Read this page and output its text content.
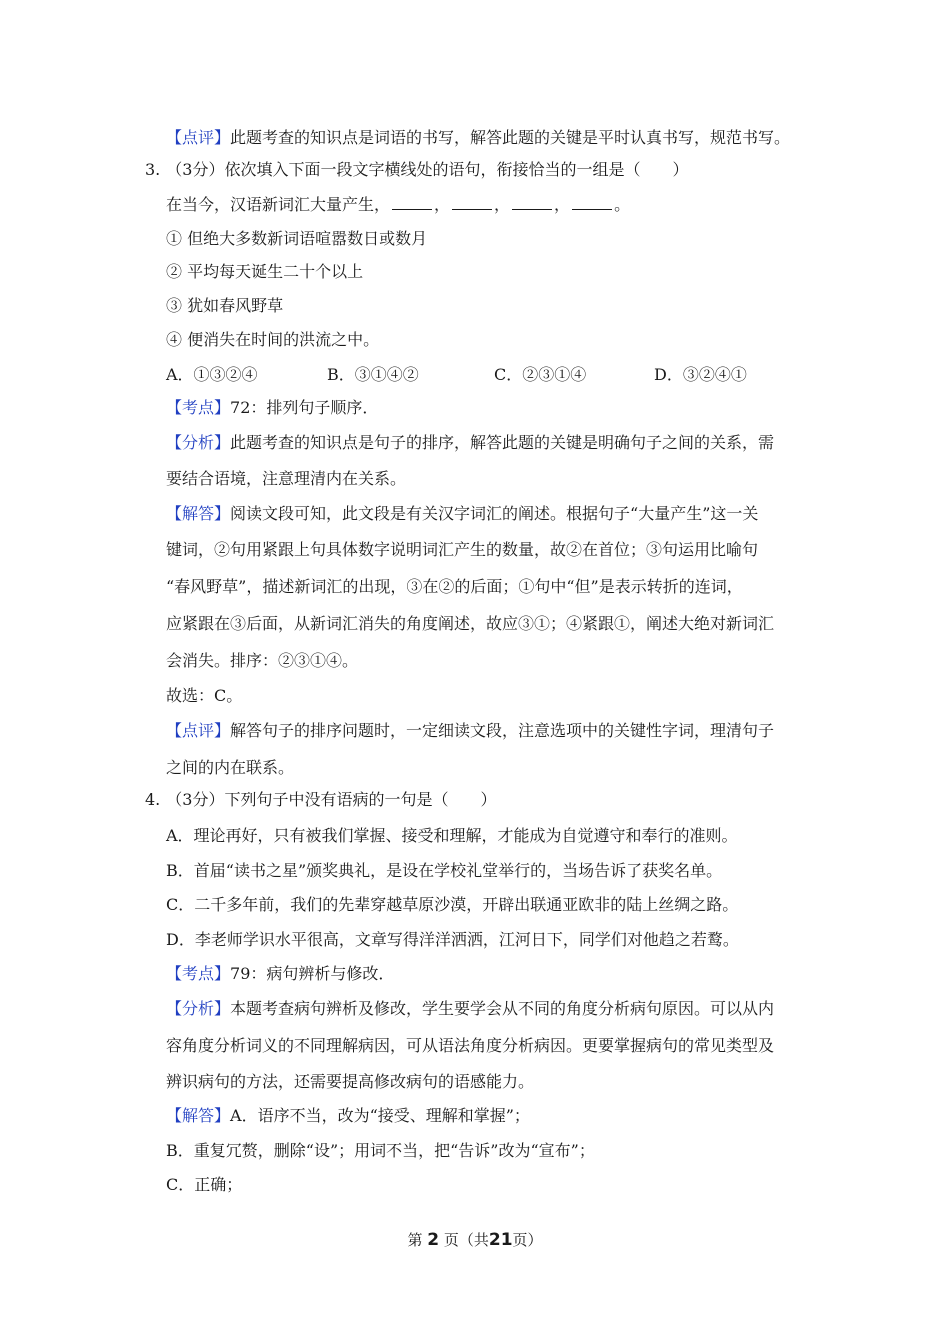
【点评】此题考查的知识点是词语的书写，解答此题的关键是平时认真书写，规范书写。
3. （3分）依次填入下面一段文字横线处的语句，衔接恰当的一组是（　　）
在当今，汉语新词汇大量产生，	，	，	，	。
① 但绝大多数新词语喧嚣数日或数月
② 平均每天诞生二十个以上
③ 犹如春风野草
④ 便消失在时间的洪流之中。
A．①③②④	B．③①④②	C．②③①④	D．③②④①
【考点】72：排列句子顺序．
【分析】此题考查的知识点是句子的排序，解答此题的关键是明确句子之间的关系，需
要结合语境，注意理清内在关系。
【解答】阅读文段可知，此文段是有关汉字词汇的阐述。根据句子“大量产生”这一关
键词，②句用紧跟上句具体数字说明词汇产生的数量，故②在首位；③句运用比喻句
“春风野草”，描述新词汇的出现，③在②的后面；①句中“但”是表示转折的连词，
应紧跟在③后面，从新词汇消失的角度阐述，故应③①；④紧跟①，阐述大绝对新词汇
会消失。排序：②③①④。
故选：C。
【点评】解答句子的排序问题时，一定细读文段，注意选项中的关键性字词，理清句子
之间的内在联系。
4. （3分）下列句子中没有语病的一句是（　　）
A．理论再好，只有被我们掌握、接受和理解，才能成为自觉遵守和奉行的准则。
B．首届“读书之星”颁奖典礼，是设在学校礼堂举行的，当场告诉了获奖名单。
C．二千多年前，我们的先辈穿越草原沙漠，开辟出联通亚欧非的陆上丝绸之路。
D．李老师学识水平很高，文章写得洋洋洒洒，江河日下，同学们对他趋之若鹜。
【考点】79：病句辨析与修改．
【分析】本题考查病句辨析及修改，学生要学会从不同的角度分析病句原因。可以从内
容角度分析词义的不同理解病因，可从语法角度分析病因。更要掌握病句的常见类型及
辨识病句的方法，还需要提高修改病句的语感能力。
【解答】A．语序不当，改为“接受、理解和掌握”；
B．重复冗赘，删除“设”；用词不当，把“告诉”改为“宣布”；
C．正确；
第 2 页（共21页）
